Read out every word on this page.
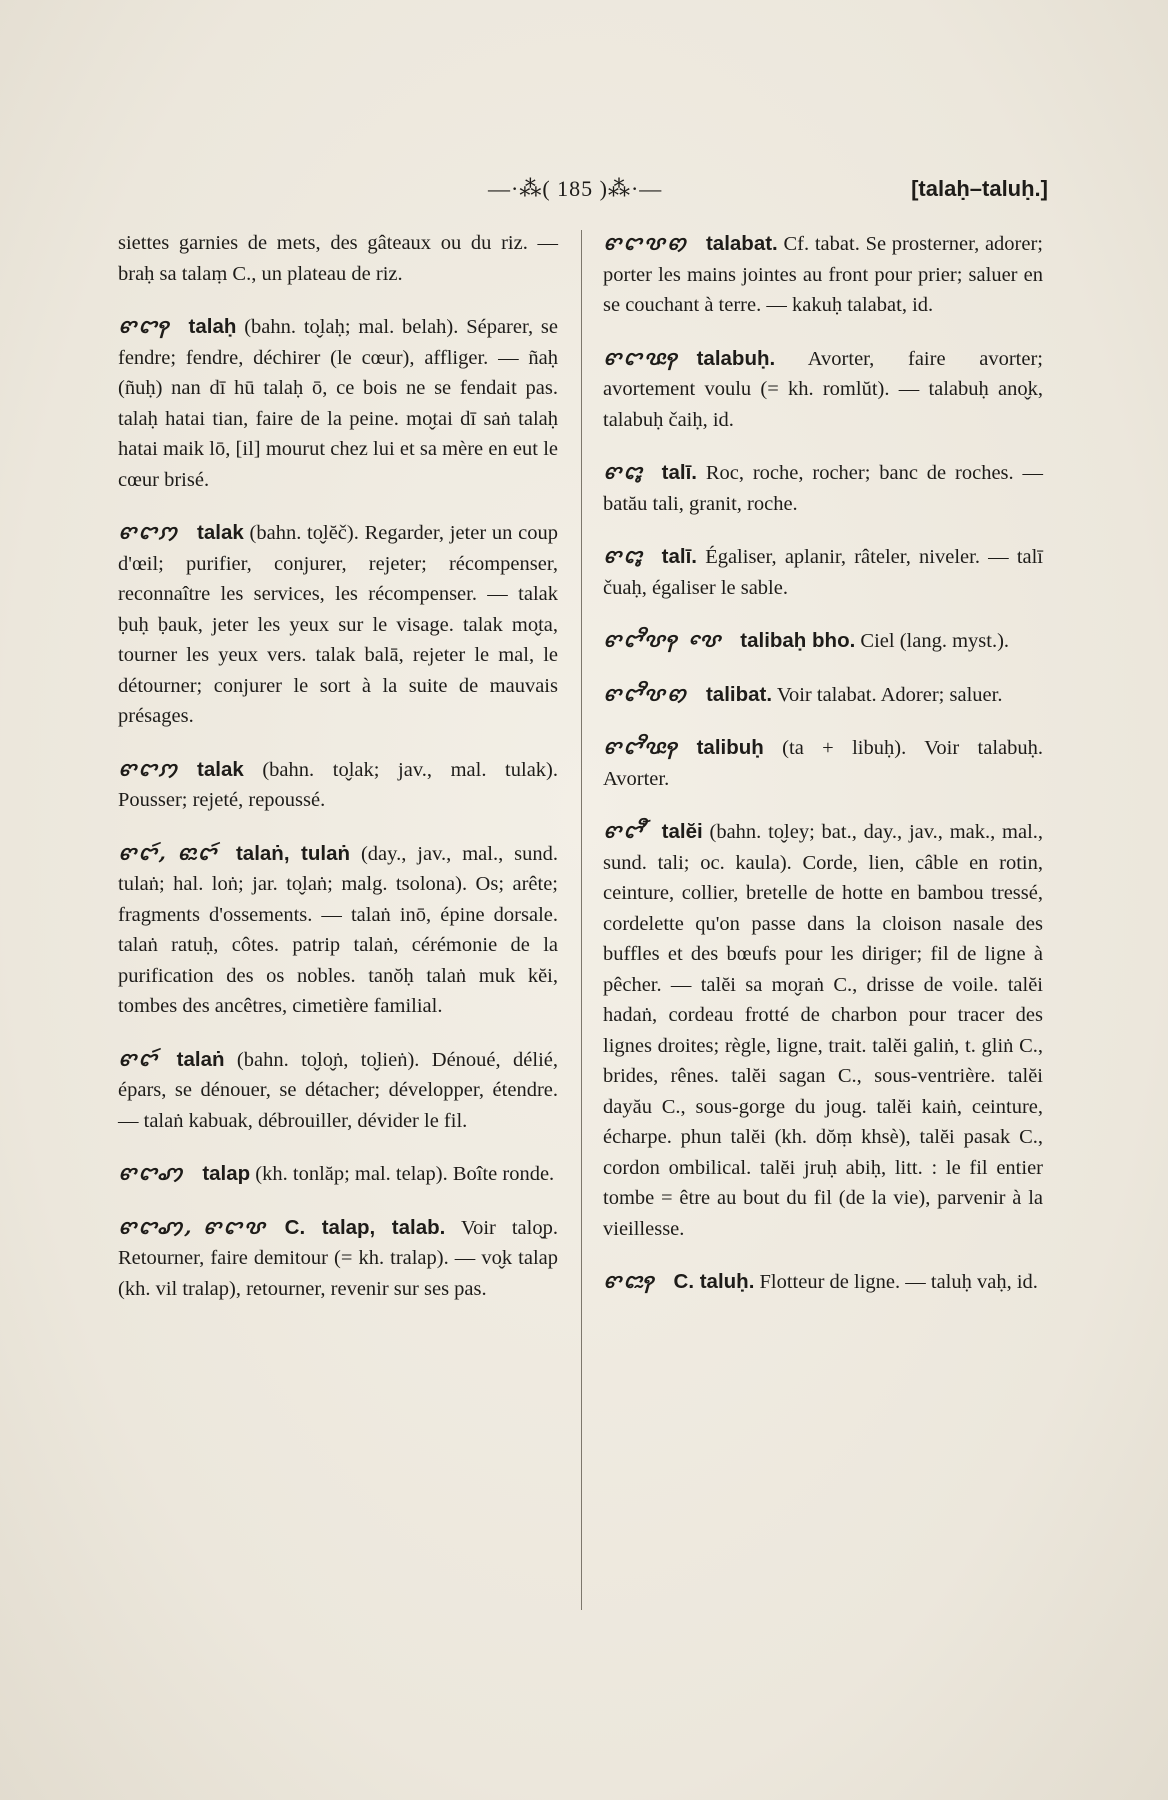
—·⁂( 185 )⁂·—	[talaḥ–taluḥ.]

siettes garnies de mets, des gâteaux ou du riz. — braḥ sa talaṃ C., un plateau de riz.

ꨓꨤꩍ talaḥ (bahn. to̬laḥ; mal. belah). Séparer, se fendre; fendre, déchirer (le cœur), affliger. — ñaḥ (ñuḥ) nan dī hū talaḥ ō, ce bois ne se fendait pas. talaḥ hatai tian, faire de la peine. mo̬tai dī saṅ talaḥ hatai maik lō, [il] mourut chez lui et sa mère en eut le cœur brisé.

ꨓꨤꩀ talak (bahn. to̬lĕč). Regarder, jeter un coup d'œil; purifier, conjurer, rejeter; récompenser, reconnaître les services, les récompenser. — talak ḅuḥ ḅauk, jeter les yeux sur le visage. talak mo̬ta, tourner les yeux vers. talak balā, rejeter le mal, le détourner; conjurer le sort à la suite de mauvais présages.

ꨓꨤꩀ talak (bahn. to̬lak; jav., mal. tulak). Pousser; rejeté, repoussé.

ꨓꨤꩃ, ꨓꨭꨤꩃ talaṅ, tulaṅ (day., jav., mal., sund. tulaṅ; hal. loṅ; jar. to̬laṅ; malg. tsolona). Os; arête; fragments d'ossements. — talaṅ inō, épine dorsale. talaṅ ratuḥ, côtes. patrip talaṅ, cérémonie de la purification des os nobles. tanŏḥ talaṅ muk kĕi, tombes des ancêtres, cimetière familial.

ꨓꨤꩃ talaṅ (bahn. to̬lo̬ṅ, to̬lieṅ). Dénoué, délié, épars, se dénouer, se détacher; développer, étendre. — talaṅ kabuak, débrouiller, dévider le fil.

ꨓꨤꩇ talap (kh. tonlăp; mal. telap). Boîte ronde.

ꨓꨤꩇ, ꨓꨤꨝ C. talap, talab. Voir talo̬p. Retourner, faire demitour (= kh. tralap). — vo̬k talap (kh. vil tralap), retourner, revenir sur ses pas.

ꨓꨤꨝꩅ talabat. Cf. tabat. Se prosterner, adorer; porter les mains jointes au front pour prier; saluer en se couchant à terre. — kakuḥ talabat, id.

ꨓꨤꨝꨭꩍ talabuḥ. Avorter, faire avorter; avortement voulu (= kh. romlŭt). — talabuḥ ano̬k, talabuḥ čaiḥ, id.

ꨓꨤꨶ talī. Roc, roche, rocher; banc de roches. — batău tali, granit, roche.

ꨓꨤꨶ talī. Égaliser, aplanir, râteler, niveler. — talī čuaḥ, égaliser le sable.

ꨓꨤꨪꨝꩍ ꨝꨯ talibaḥ bho. Ciel (lang. myst.).

ꨓꨤꨪꨝꩅ talibat. Voir talabat. Adorer; saluer.

ꨓꨤꨪꨝꨭꩍ talibuḥ (ta + libuḥ). Voir talabuḥ. Avorter.

ꨓꨤꨬ talĕi (bahn. to̬ley; bat., day., jav., mak., mal., sund. tali; oc. kaula). Corde, lien, câble en rotin, ceinture, collier, bretelle de hotte en bambou tressé, cordelette qu'on passe dans la cloison nasale des buffles et des bœufs pour les diriger; fil de ligne à pêcher. — talĕi sa mo̬raṅ C., drisse de voile. talĕi hadaṅ, cordeau frotté de charbon pour tracer des lignes droites; règle, ligne, trait. talĕi galiṅ, t. gliṅ C., brides, rênes. talĕi sagan C., sous-ventrière. talĕi dayău C., sous-gorge du joug. talĕi kaiṅ, ceinture, écharpe. phun talĕi (kh. dŏṃ khsè), talĕi pasak C., cordon ombilical. talĕi jruḥ abiḥ, litt. : le fil entier tombe = être au bout du fil (de la vie), parvenir à la vieillesse.

ꨓꨤꨭꩍ C. taluḥ. Flotteur de ligne. — taluḥ vaḥ, id.
